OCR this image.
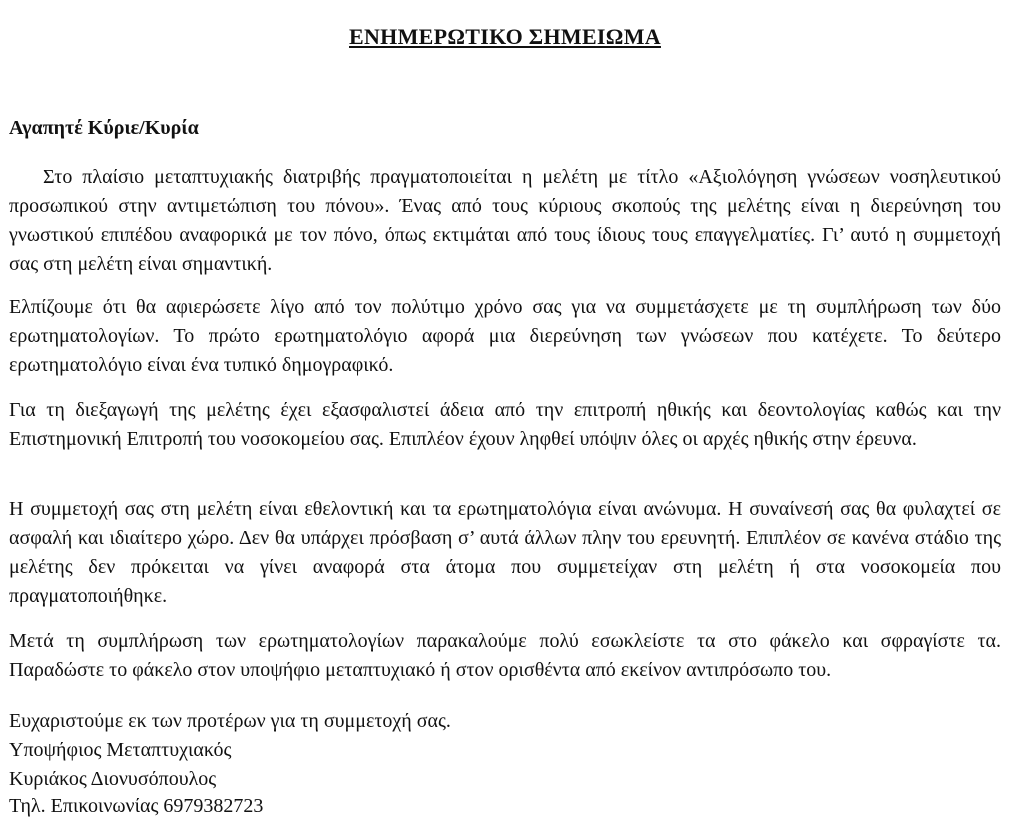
ΕΝΗΜΕΡΩΤΙΚΟ ΣΗΜΕΙΩΜΑ
Αγαπητέ Κύριε/Κυρία

Στο πλαίσιο μεταπτυχιακής διατριβής πραγματοποιείται η μελέτη με τίτλο «Αξιολόγηση γνώσεων νοσηλευτικού προσωπικού στην αντιμετώπιση του πόνου». Ένας από τους κύριους σκοπούς της μελέτης είναι η διερεύνηση του γνωστικού επιπέδου αναφορικά με τον πόνο, όπως εκτιμάται από τους ίδιους τους επαγγελματίες. Γι’ αυτό η συμμετοχή σας στη μελέτη είναι σημαντική.

Ελπίζουμε ότι θα αφιερώσετε λίγο από τον πολύτιμο χρόνο σας για να συμμετάσχετε με τη συμπλήρωση των δύο ερωτηματολογίων. Το πρώτο ερωτηματολόγιο αφορά μια διερεύνηση των γνώσεων που κατέχετε. Το δεύτερο ερωτηματολόγιο είναι ένα τυπικό δημογραφικό.

Για τη διεξαγωγή της μελέτης έχει εξασφαλιστεί άδεια από την επιτροπή ηθικής και δεοντολογίας καθώς και την Επιστημονική Επιτροπή του νοσοκομείου σας. Επιπλέον έχουν ληφθεί υπόψιν όλες οι αρχές ηθικής στην έρευνα.

Η συμμετοχή σας στη μελέτη είναι εθελοντική και τα ερωτηματολόγια είναι ανώνυμα. Η συναίνεσή σας θα φυλαχτεί σε ασφαλή και ιδιαίτερο χώρο. Δεν θα υπάρχει πρόσβαση σ’ αυτά άλλων πλην του ερευνητή. Επιπλέον σε κανένα στάδιο της μελέτης δεν πρόκειται να γίνει αναφορά στα άτομα που συμμετείχαν στη μελέτη ή στα νοσοκομεία που πραγματοποιήθηκε.

Μετά τη συμπλήρωση των ερωτηματολογίων παρακαλούμε πολύ εσωκλείστε τα στο φάκελο και σφραγίστε τα. Παραδώστε το φάκελο στον υποψήφιο μεταπτυχιακό ή στον ορισθέντα από εκείνον αντιπρόσωπο του.

Ευχαριστούμε εκ των προτέρων για τη συμμετοχή σας.
Υποψήφιος Μεταπτυχιακός
Κυριάκος Διονυσόπουλος
Τηλ. Επικοινωνίας 6979382723
